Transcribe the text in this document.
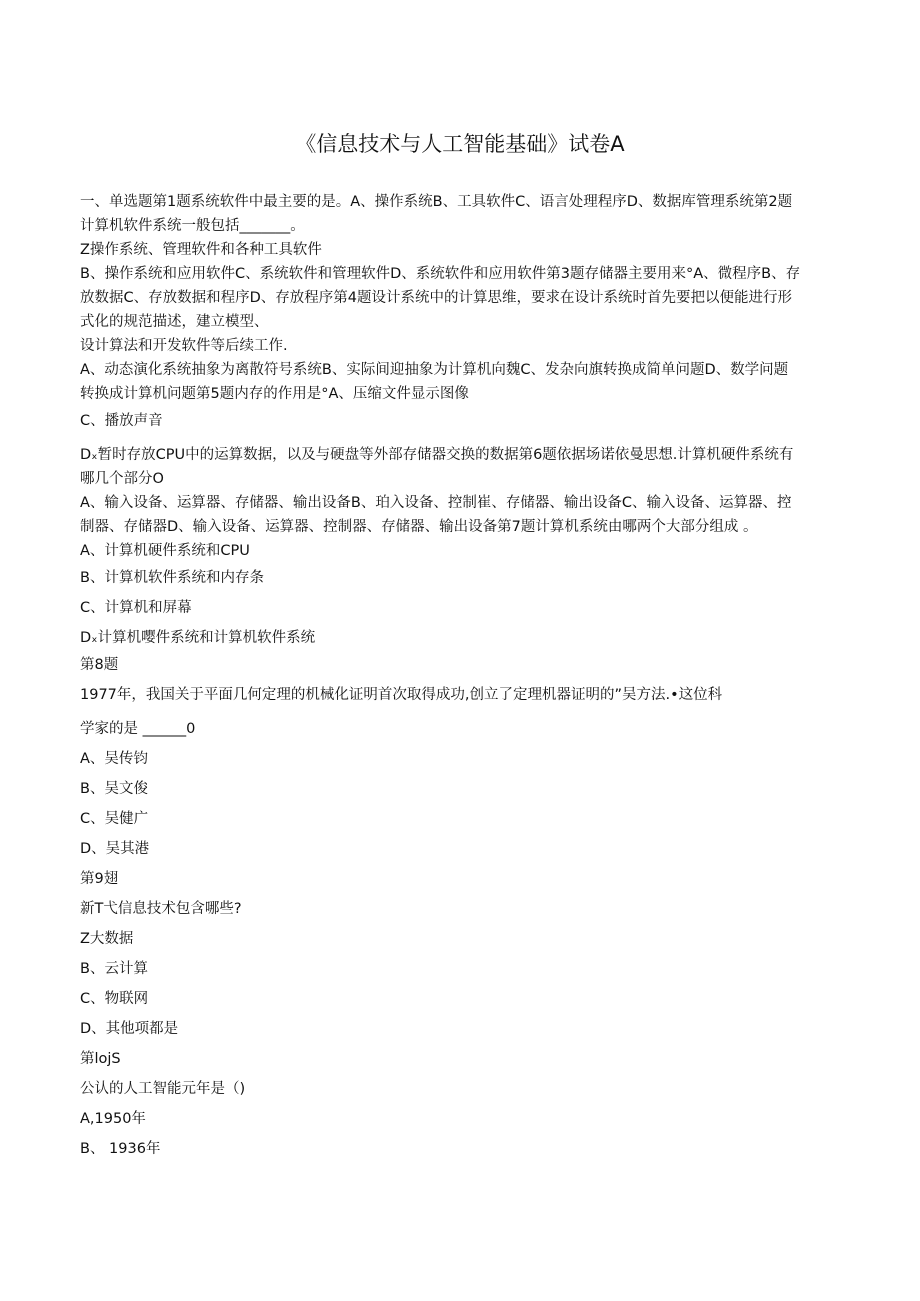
《信息技术与人工智能基础》试卷A

一、单选题第1题系统软件中最主要的是。A、操作系统B、工具软件C、语言处理程序D、数据库管理系统第2题

计算机软件系统一般包括_______。

Z操作系统、管理软件和各种工具软件

B、操作系统和应用软件C、系统软件和管理软件D、系统软件和应用软件第3题存储器主要用来°A、微程序B、存

放数据C、存放数据和程序D、存放程序第4题设计系统中的计算思维，要求在设计系统时首先要把以便能进行形

式化的规范描述，建立模型、

设计算法和开发软件等后续工作.

A、动态演化系统抽象为离散符号系统B、实际间迎抽象为计算机向魏C、发杂向旗转换成简单问题D、数学问题

转换成计算机问题第5题内存的作用是°A、压缩文件显示图像

C、播放声音

Dₓ暂时存放CPU中的运算数据，以及与硬盘等外部存储器交换的数据第6题依据场诺依曼思想.计算机硬件系统有

哪几个部分O

A、输入设备、运算器、存储器、输出设备B、珀入设备、控制崔、存储器、输出设备C、输入设备、运算器、控

制器、存储器D、输入设备、运算器、控制器、存储器、输出设备第7题计算机系统由哪两个大部分组成 。

A、计算机硬件系统和CPU

B、计算机软件系统和内存条

C、计算机和屏幕

Dₓ计算机嘤件系统和计算机软件系统

第8题

1977年，我国关于平面几何定理的机械化证明首次取得成功,创立了定理机器证明的”吴方法.•这位科

学家的是 ______0

A、吴传钧

B、吴文俊

C、吴健广

D、吴其港

第9翅

新T弋信息技术包含哪些?

Z大数据

B、云计算

C、物联网

D、其他项都是

第lojS

公认的人工智能元年是（)

A,1950年

B、 1936年
